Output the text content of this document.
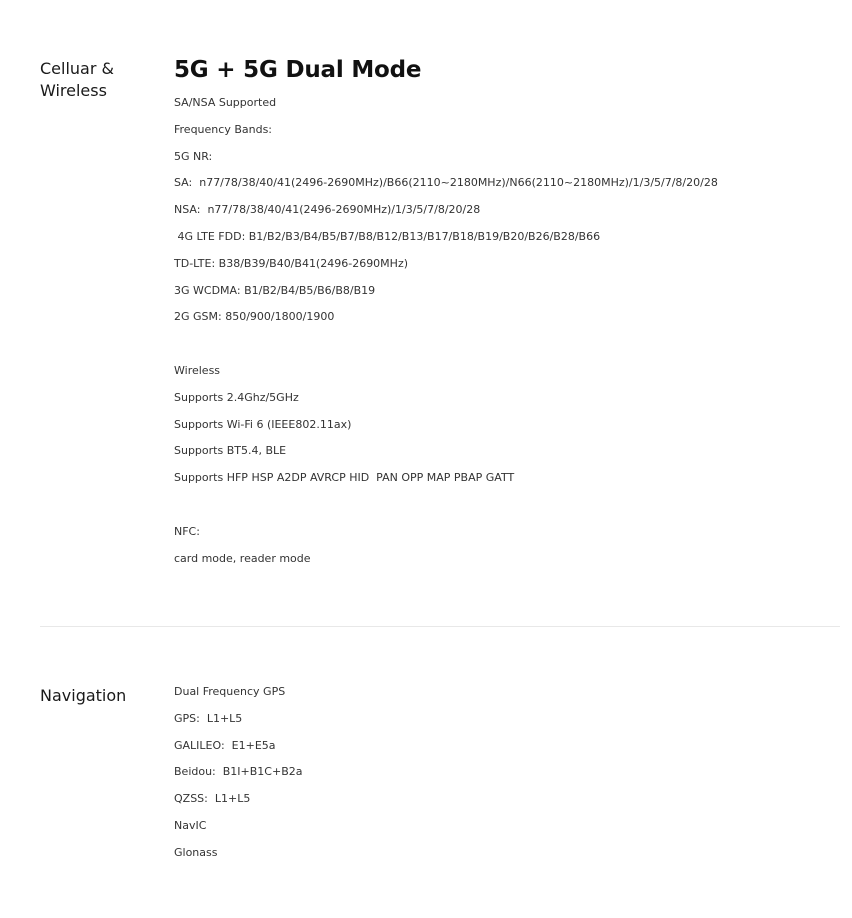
Celluar &
Wireless
5G + 5G Dual Mode
SA/NSA Supported
Frequency Bands:
5G NR:
SA:  n77/78/38/40/41(2496-2690MHz)/B66(2110~2180MHz)/N66(2110~2180MHz)/1/3/5/7/8/20/28
NSA:  n77/78/38/40/41(2496-2690MHz)/1/3/5/7/8/20/28
4G LTE FDD: B1/B2/B3/B4/B5/B7/B8/B12/B13/B17/B18/B19/B20/B26/B28/B66
TD-LTE: B38/B39/B40/B41(2496-2690MHz)
3G WCDMA: B1/B2/B4/B5/B6/B8/B19
2G GSM: 850/900/1800/1900
Wireless
Supports 2.4Ghz/5GHz
Supports Wi-Fi 6 (IEEE802.11ax)
Supports BT5.4, BLE
Supports HFP HSP A2DP AVRCP HID  PAN OPP MAP PBAP GATT
NFC:
card mode, reader mode
Navigation	Dual Frequency GPS
GPS:  L1+L5
GALILEO:  E1+E5a
Beidou:  B1I+B1C+B2a
QZSS:  L1+L5
NavIC
Glonass
